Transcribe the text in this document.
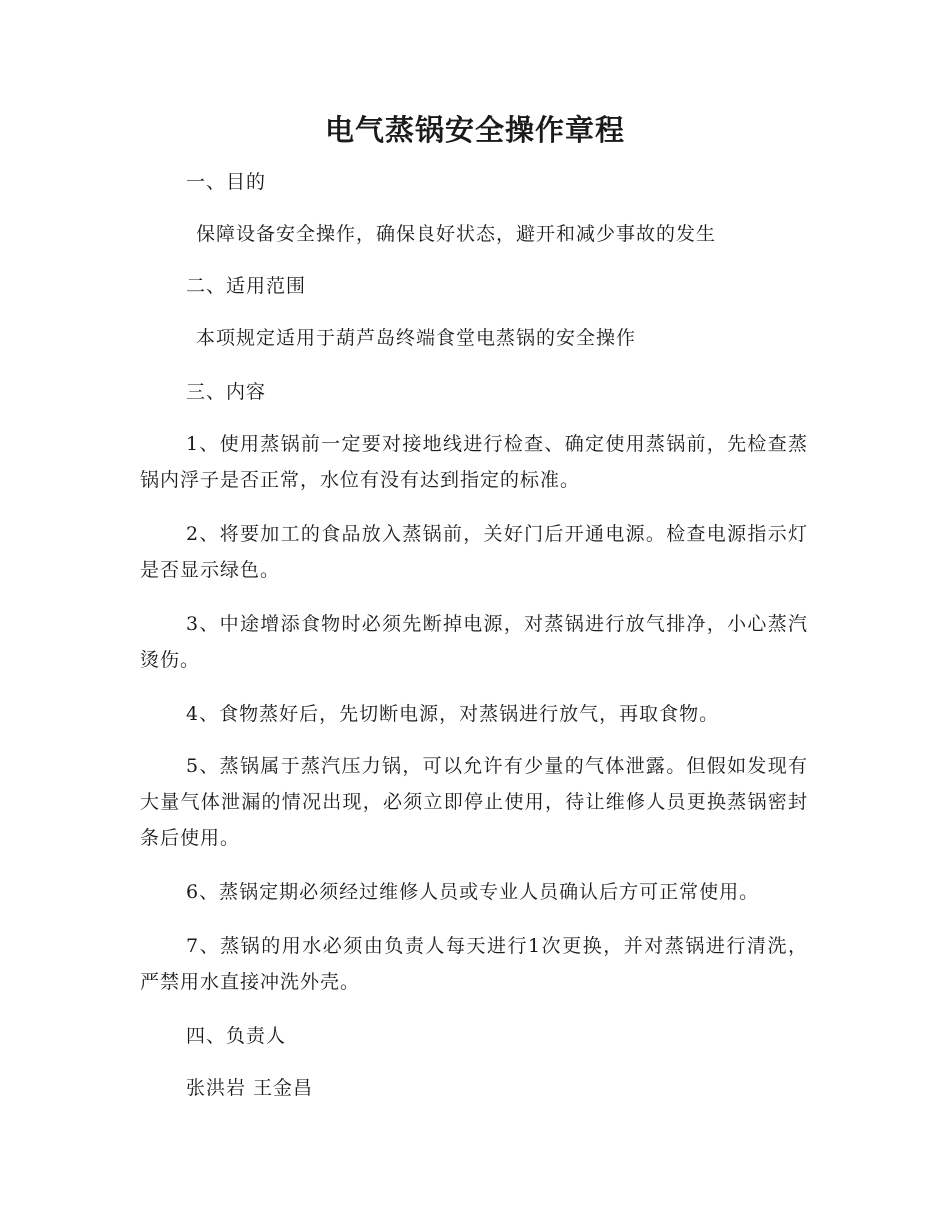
电气蒸锅安全操作章程
一、目的
保障设备安全操作，确保良好状态，避开和减少事故的发生
二、适用范围
本项规定适用于葫芦岛终端食堂电蒸锅的安全操作
三、内容
1、使用蒸锅前一定要对接地线进行检查、确定使用蒸锅前，先检查蒸锅内浮子是否正常，水位有没有达到指定的标准。
2、将要加工的食品放入蒸锅前，关好门后开通电源。检查电源指示灯是否显示绿色。
3、中途增添食物时必须先断掉电源，对蒸锅进行放气排净，小心蒸汽烫伤。
4、食物蒸好后，先切断电源，对蒸锅进行放气，再取食物。
5、蒸锅属于蒸汽压力锅，可以允许有少量的气体泄露。但假如发现有大量气体泄漏的情况出现，必须立即停止使用，待让维修人员更换蒸锅密封条后使用。
6、蒸锅定期必须经过维修人员或专业人员确认后方可正常使用。
7、蒸锅的用水必须由负责人每天进行1次更换，并对蒸锅进行清洗，严禁用水直接冲洗外壳。
四、负责人
张洪岩 王金昌
